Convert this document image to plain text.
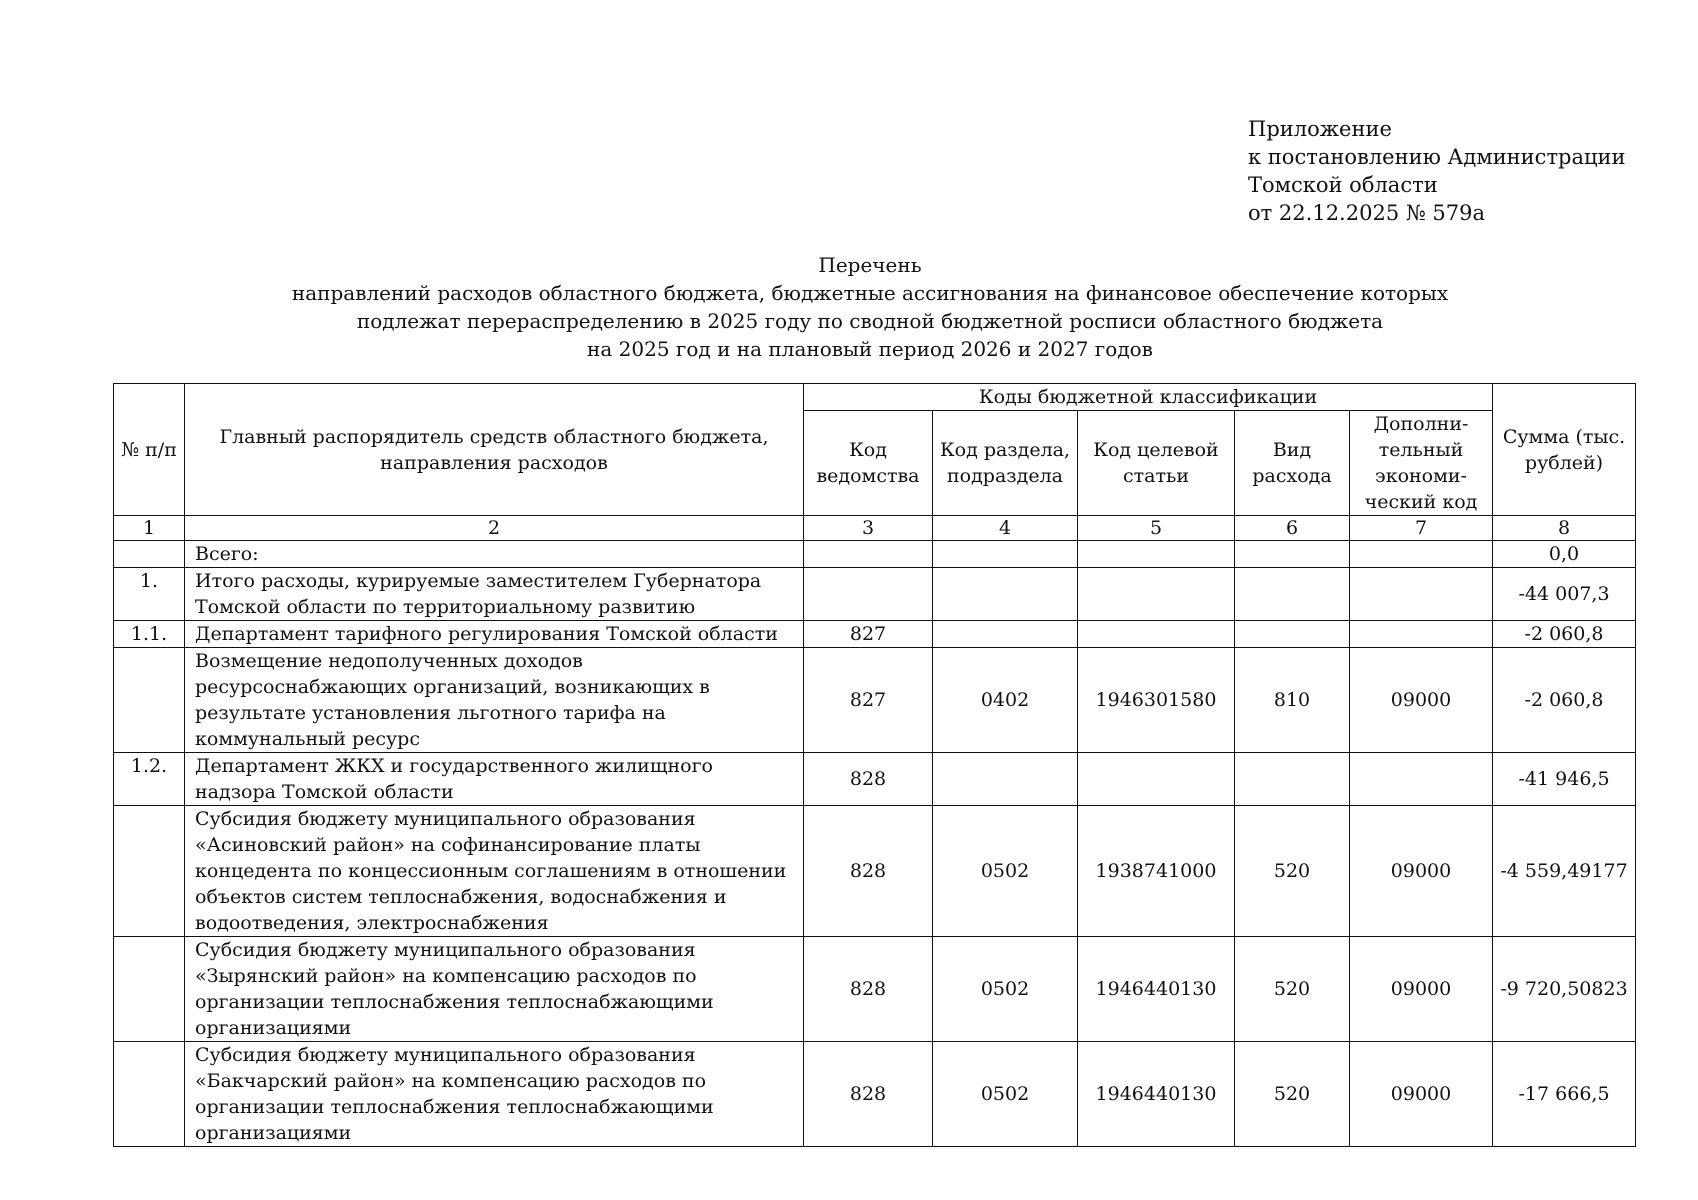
Приложение
к постановлению Администрации
Томской области
от 22.12.2025 № 579а
Перечень
направлений расходов областного бюджета, бюджетные ассигнования на финансовое обеспечение которых
подлежат перераспределению в 2025 году по сводной бюджетной росписи областного бюджета
на 2025 год и на плановый период 2026 и 2027 годов
№ п/п	Главный распорядитель средств областного бюджета, направления расходов	Коды бюджетной классификации					Сумма (тыс. рублей)
		Код ведомства	Код раздела, подраздела	Код целевой статьи	Вид расхода	Дополни-тельный экономи-ческий код	
1	2	3	4	5	6	7	8
	Всего:						0,0
1.	Итого расходы, курируемые заместителем Губернатора Томской области по территориальному развитию						-44 007,3
1.1.	Департамент тарифного регулирования Томской области	827					-2 060,8
	Возмещение недополученных доходов ресурсоснабжающих организаций, возникающих в результате установления льготного тарифа на коммунальный ресурс	827	0402	1946301580	810	09000	-2 060,8
1.2.	Департамент ЖКХ и государственного жилищного надзора Томской области	828					-41 946,5
	Субсидия бюджету муниципального образования «Асиновский район» на софинансирование платы концедента по концессионным соглашениям в отношении объектов систем теплоснабжения, водоснабжения и водоотведения, электроснабжения	828	0502	1938741000	520	09000	-4 559,49177
	Субсидия бюджету муниципального образования «Зырянский район» на компенсацию расходов по организации теплоснабжения теплоснабжающими организациями	828	0502	1946440130	520	09000	-9 720,50823
	Субсидия бюджету муниципального образования «Бакчарский район» на компенсацию расходов по организации теплоснабжения теплоснабжающими организациями	828	0502	1946440130	520	09000	-17 666,5
